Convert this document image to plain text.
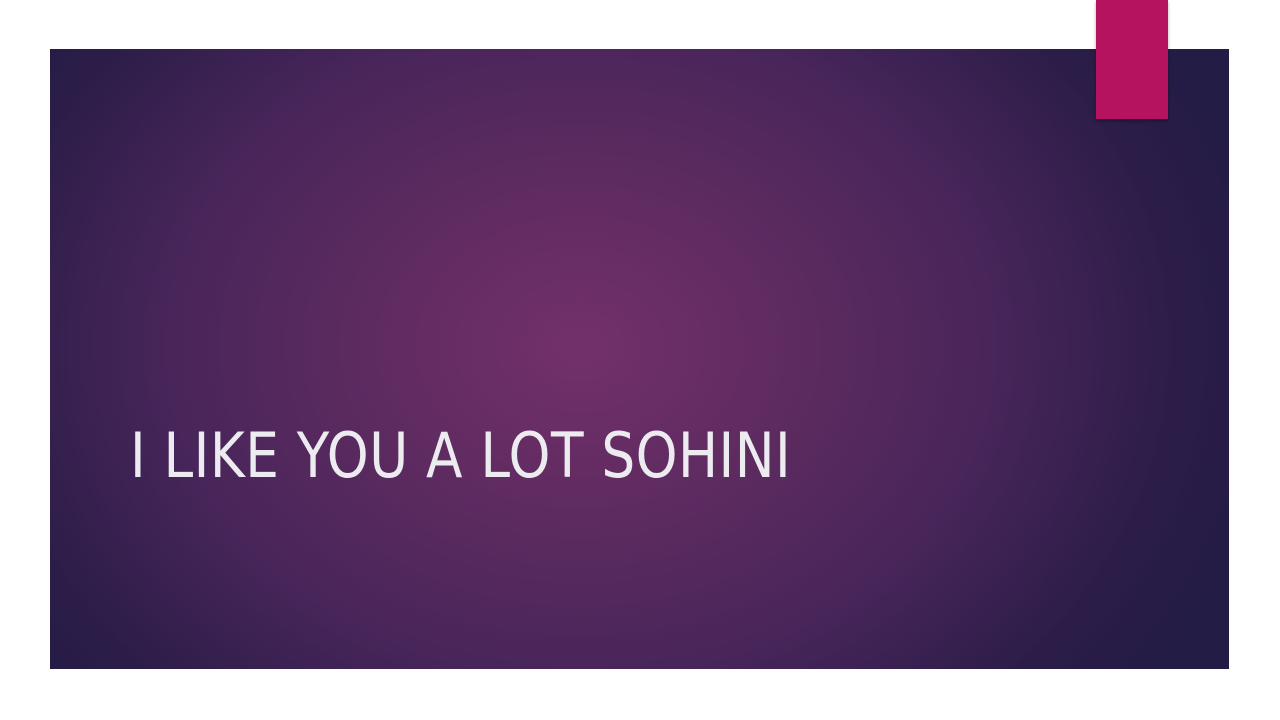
I LIKE YOU A LOT SOHINI
